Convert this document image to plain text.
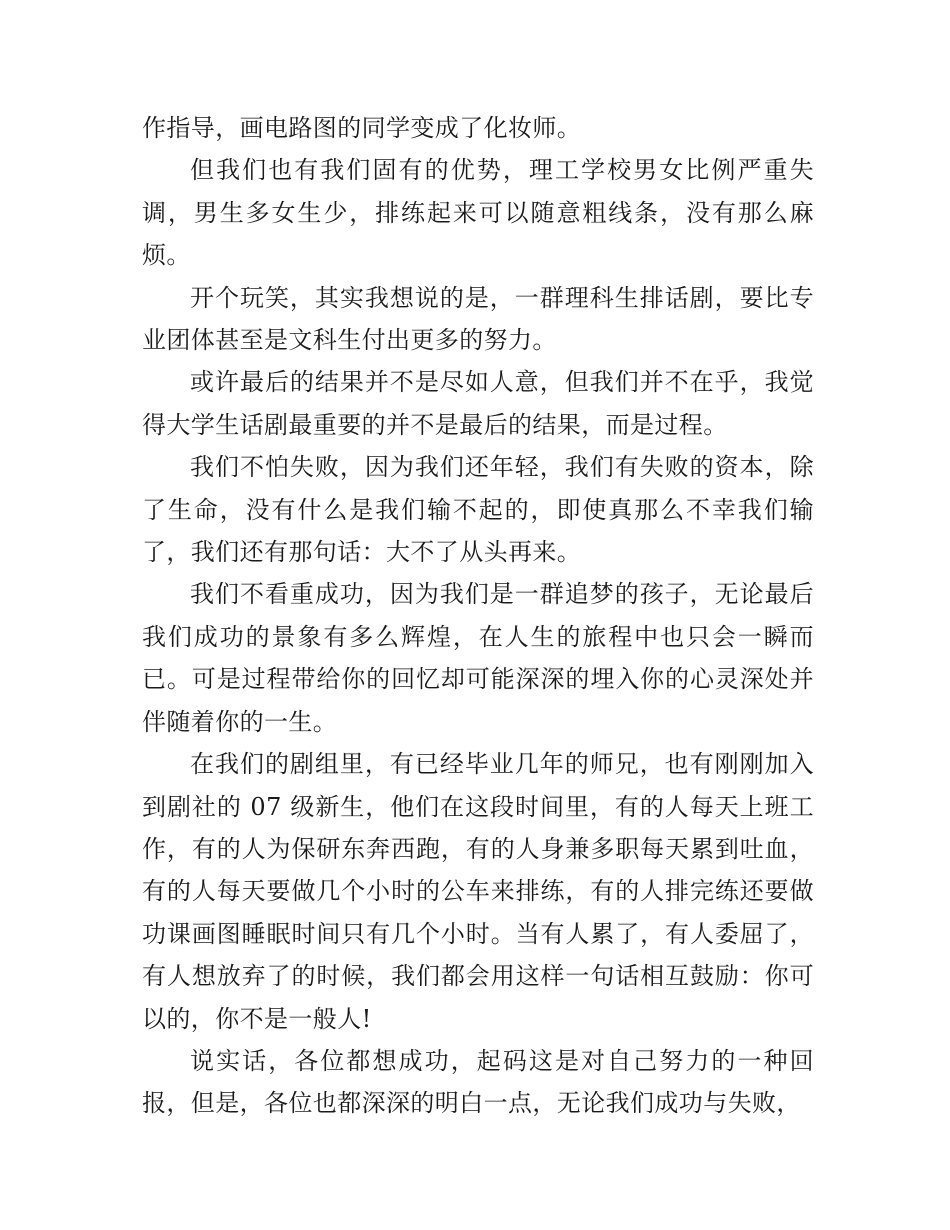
作指导，画电路图的同学变成了化妆师。

但我们也有我们固有的优势，理工学校男女比例严重失调，男生多女生少，排练起来可以随意粗线条，没有那么麻烦。

开个玩笑，其实我想说的是，一群理科生排话剧，要比专业团体甚至是文科生付出更多的努力。

或许最后的结果并不是尽如人意，但我们并不在乎，我觉得大学生话剧最重要的并不是最后的结果，而是过程。

我们不怕失败，因为我们还年轻，我们有失败的资本，除了生命，没有什么是我们输不起的，即使真那么不幸我们输了，我们还有那句话：大不了从头再来。

我们不看重成功，因为我们是一群追梦的孩子，无论最后我们成功的景象有多么辉煌，在人生的旅程中也只会一瞬而已。可是过程带给你的回忆却可能深深的埋入你的心灵深处并伴随着你的一生。

在我们的剧组里，有已经毕业几年的师兄，也有刚刚加入到剧社的 07 级新生，他们在这段时间里，有的人每天上班工作，有的人为保研东奔西跑，有的人身兼多职每天累到吐血，有的人每天要做几个小时的公车来排练，有的人排完练还要做功课画图睡眠时间只有几个小时。当有人累了，有人委屈了，有人想放弃了的时候，我们都会用这样一句话相互鼓励：你可以的，你不是一般人!

说实话，各位都想成功，起码这是对自己努力的一种回报，但是，各位也都深深的明白一点，无论我们成功与失败，
